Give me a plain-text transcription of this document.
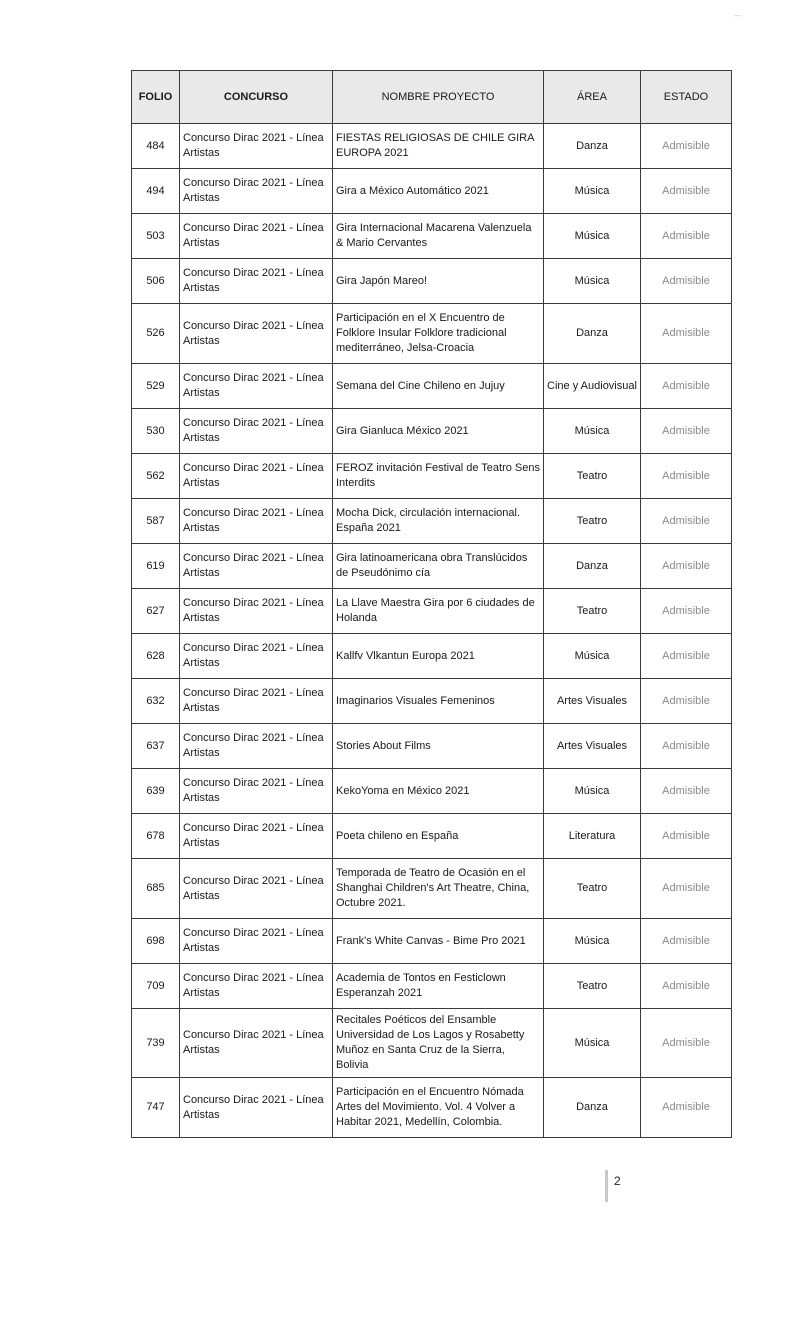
⁔
FOLIO	CONCURSO	NOMBRE PROYECTO	ÁREA	ESTADO
484	Concurso Dirac 2021 - Línea Artistas	FIESTAS RELIGIOSAS DE CHILE GIRA EUROPA 2021	Danza	Admisible
494	Concurso Dirac 2021 - Línea Artistas	Gira a México Automático 2021	Música	Admisible
503	Concurso Dirac 2021 - Línea Artistas	Gira Internacional Macarena Valenzuela & Mario Cervantes	Música	Admisible
506	Concurso Dirac 2021 - Línea Artistas	Gira Japón Mareo!	Música	Admisible
526	Concurso Dirac 2021 - Línea Artistas	Participación en el X Encuentro de Folklore Insular Folklore tradicional mediterráneo, Jelsa-Croacia	Danza	Admisible
529	Concurso Dirac 2021 - Línea Artistas	Semana del Cine Chileno en Jujuy	Cine y Audiovisual	Admisible
530	Concurso Dirac 2021 - Línea Artistas	Gira Gianluca México 2021	Música	Admisible
562	Concurso Dirac 2021 - Línea Artistas	FEROZ invitación Festival de Teatro Sens Interdits	Teatro	Admisible
587	Concurso Dirac 2021 - Línea Artistas	Mocha Dick, circulación internacional. España 2021	Teatro	Admisible
619	Concurso Dirac 2021 - Línea Artistas	Gira latinoamericana obra Translúcidos de Pseudónimo cía	Danza	Admisible
627	Concurso Dirac 2021 - Línea Artistas	La Llave Maestra Gira por 6 ciudades de Holanda	Teatro	Admisible
628	Concurso Dirac 2021 - Línea Artistas	Kallfv Vlkantun Europa 2021	Música	Admisible
632	Concurso Dirac 2021 - Línea Artistas	Imaginarios Visuales Femeninos	Artes Visuales	Admisible
637	Concurso Dirac 2021 - Línea Artistas	Stories About Films	Artes Visuales	Admisible
639	Concurso Dirac 2021 - Línea Artistas	KekoYoma en México 2021	Música	Admisible
678	Concurso Dirac 2021 - Línea Artistas	Poeta chileno en España	Literatura	Admisible
685	Concurso Dirac 2021 - Línea Artistas	Temporada de Teatro de Ocasión en el Shanghai Children's Art Theatre, China, Octubre 2021.	Teatro	Admisible
698	Concurso Dirac 2021 - Línea Artistas	Frank's White Canvas - Bime Pro 2021	Música	Admisible
709	Concurso Dirac 2021 - Línea Artistas	Academia de Tontos en Festiclown Esperanzah 2021	Teatro	Admisible
739	Concurso Dirac 2021 - Línea Artistas	Recitales Poéticos del Ensamble Universidad de Los Lagos y Rosabetty Muñoz en Santa Cruz de la Sierra, Bolivia	Música	Admisible
747	Concurso Dirac 2021 - Línea Artistas	Participación en el Encuentro Nómada Artes del Movimiento. Vol. 4 Volver a Habitar 2021, Medellín, Colombia.	Danza	Admisible
2
